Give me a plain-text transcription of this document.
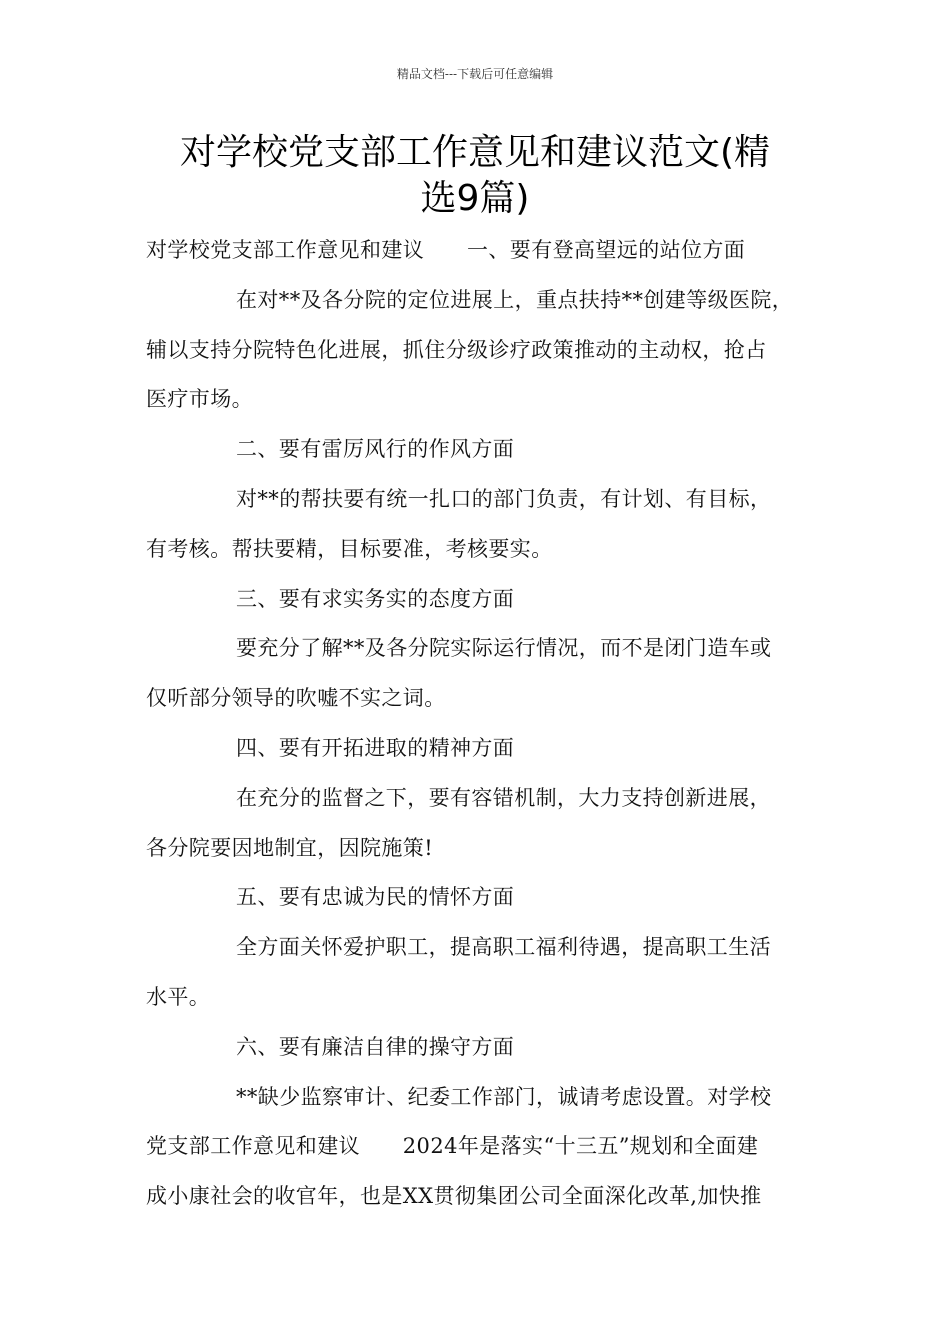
精品文档---下载后可任意编辑
对学校党支部工作意见和建议范文(精
选9篇)

对学校党支部工作意见和建议　　一、要有登高望远的站位方面

在对**及各分院的定位进展上，重点扶持**创建等级医院，

辅以支持分院特色化进展，抓住分级诊疗政策推动的主动权，抢占

医疗市场。

二、要有雷厉风行的作风方面

对**的帮扶要有统一扎口的部门负责，有计划、有目标，

有考核。帮扶要精，目标要准，考核要实。

三、要有求实务实的态度方面

要充分了解**及各分院实际运行情况，而不是闭门造车或

仅听部分领导的吹嘘不实之词。

四、要有开拓进取的精神方面

在充分的监督之下，要有容错机制，大力支持创新进展，

各分院要因地制宜，因院施策!

五、要有忠诚为民的情怀方面

全方面关怀爱护职工，提高职工福利待遇，提高职工生活

水平。

六、要有廉洁自律的操守方面

**缺少监察审计、纪委工作部门，诚请考虑设置。对学校

党支部工作意见和建议　　2024年是落实“十三五”规划和全面建

成小康社会的收官年，也是XX贯彻集团公司全面深化改革,加快推
